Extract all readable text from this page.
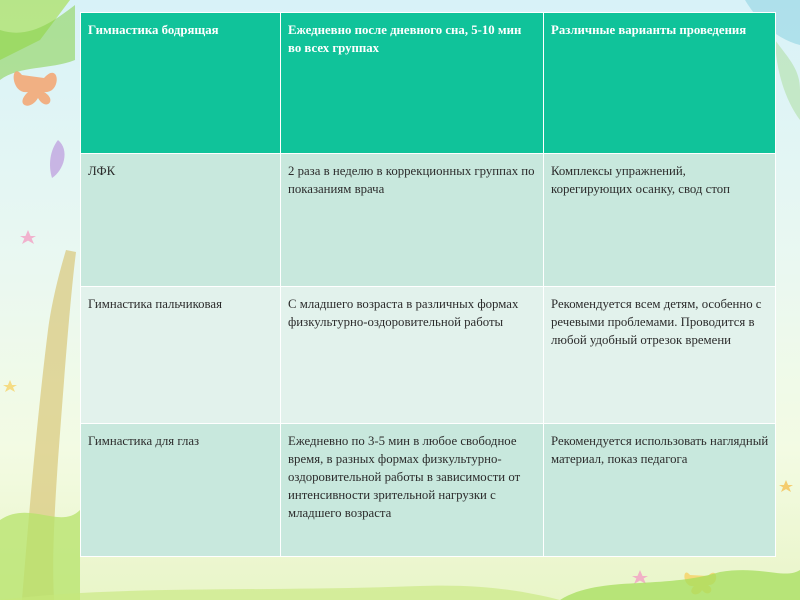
Гимнастика бодрящая	Ежедневно после дневного сна, 5-10 мин во всех группах	Различные варианты проведения
ЛФК	2 раза в неделю в коррекционных группах по показаниям врача	Комплексы упражнений, корегирующих осанку, свод стоп
Гимнастика пальчиковая	С младшего возраста в различных формах физкультурно-оздоровительной работы	Рекомендуется всем детям, особенно с речевыми проблемами. Проводится в любой удобный отрезок времени
Гимнастика для глаз	Ежедневно по 3-5 мин в любое свободное время, в разных формах физкультурно-оздоровительной работы в зависимости от интенсивности зрительной нагрузки с младшего возраста	Рекомендуется использовать наглядный материал, показ педагога
